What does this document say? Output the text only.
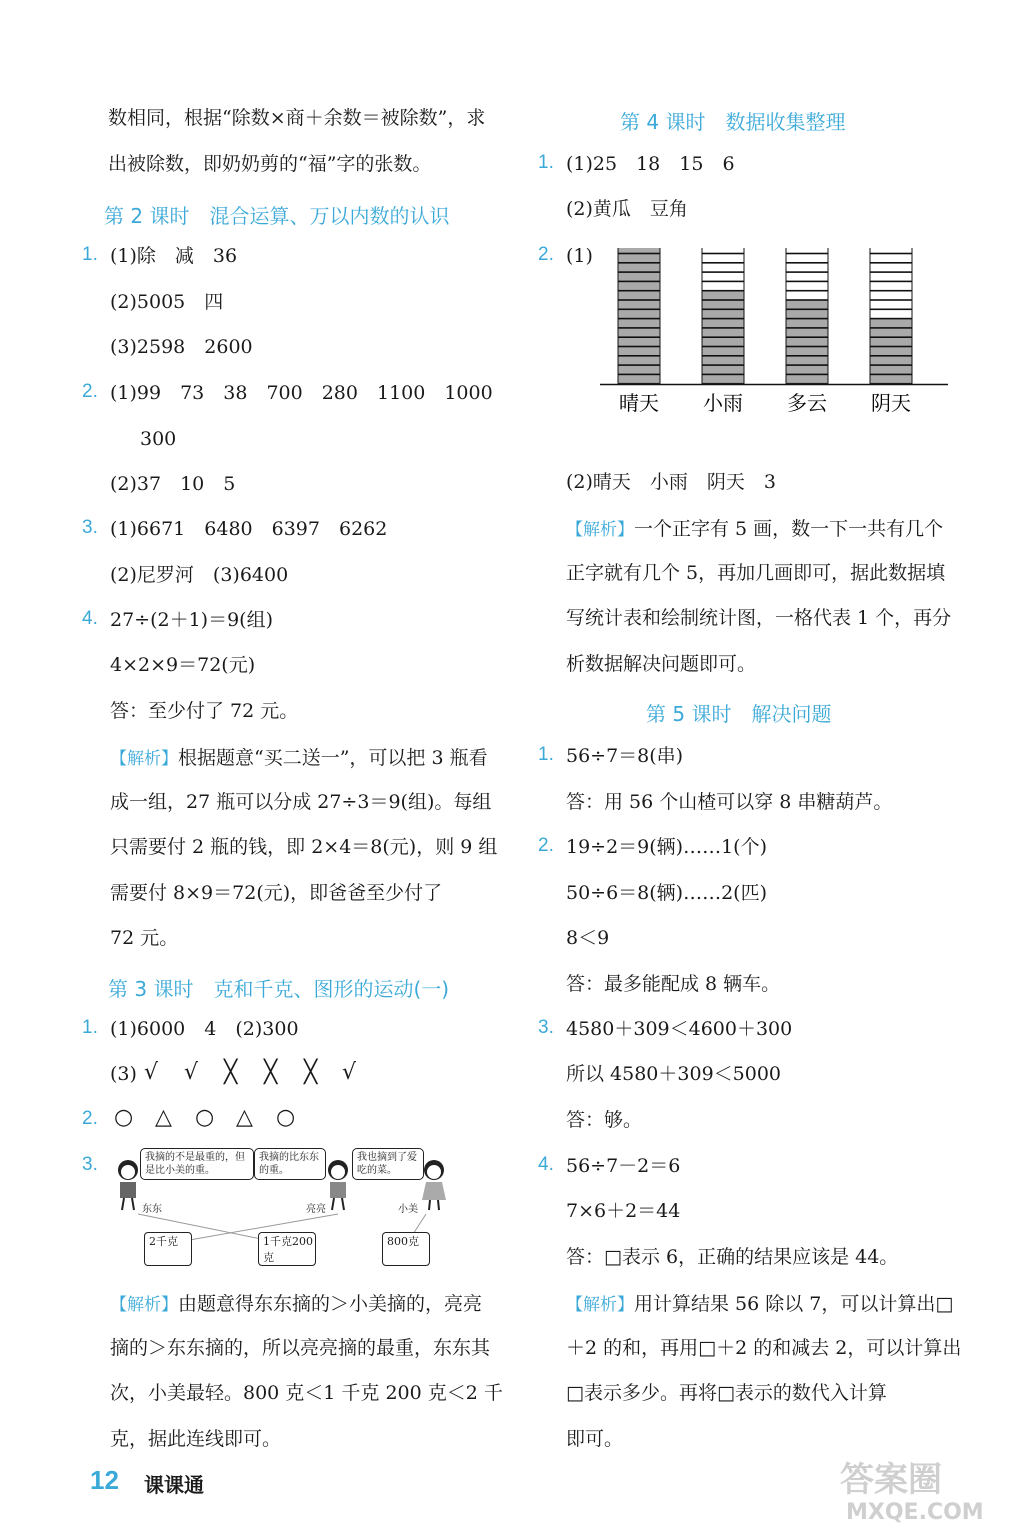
数相同，根据“除数×商＋余数＝被除数”，求
出被除数，即奶奶剪的“福”字的张数。
第 2 课时　混合运算、万以内数的认识
1. (1)除　减　36
(2)5005　四
(3)2598　2600
2. (1)99　73　38　700　280　1100　1000
300
(2)37　10　5
3. (1)6671　6480　6397　6262
(2)尼罗河　(3)6400
4. 27÷(2＋1)＝9(组)
4×2×9＝72(元)
答：至少付了 72 元。
【解析】根据题意“买二送一”，可以把 3 瓶看
成一组，27 瓶可以分成 27÷3＝9(组)。每组
只需要付 2 瓶的钱，即 2×4＝8(元)，则 9 组
需要付 8×9＝72(元)，即爸爸至少付了
72 元。
第 3 课时　克和千克、图形的运动(一)
1. (1)6000　4　(2)300
(3) √ √ ╳ ╳ ╳ √
2. ○ △ ○ △ ○
3.	我摘的不是最重的，但是比小美的重。
我摘的比东东的重。
我也摘到了爱吃的菜。
东东	亮亮	小美
2千克	1千克200克
800克
【解析】由题意得东东摘的＞小美摘的，亮亮
摘的＞东东摘的，所以亮亮摘的最重，东东其
次，小美最轻。800 克＜1 千克 200 克＜2 千
克，据此连线即可。
第 4 课时　数据收集整理
1. (1)25　18　15　6
(2)黄瓜　豆角
2. (1)
晴天 小雨 多云 阴天
(2)晴天　小雨　阴天　3
【解析】一个正字有 5 画，数一下一共有几个
正字就有几个 5，再加几画即可，据此数据填
写统计表和绘制统计图，一格代表 1 个，再分
析数据解决问题即可。
第 5 课时　解决问题
1. 56÷7＝8(串)
答：用 56 个山楂可以穿 8 串糖葫芦。
2. 19÷2＝9(辆)……1(个)
50÷6＝8(辆)……2(匹)
8＜9
答：最多能配成 8 辆车。
3. 4580＋309＜4600＋300
所以 4580＋309＜5000
答：够。
4. 56÷7－2＝6
7×6＋2＝44
答：□表示 6，正确的结果应该是 44。
【解析】用计算结果 56 除以 7，可以计算出□
＋2 的和，再用□＋2 的和减去 2，可以计算出
□表示多少。再将□表示的数代入计算
即可。
12 课课通	答案圈
MXQE.COM
